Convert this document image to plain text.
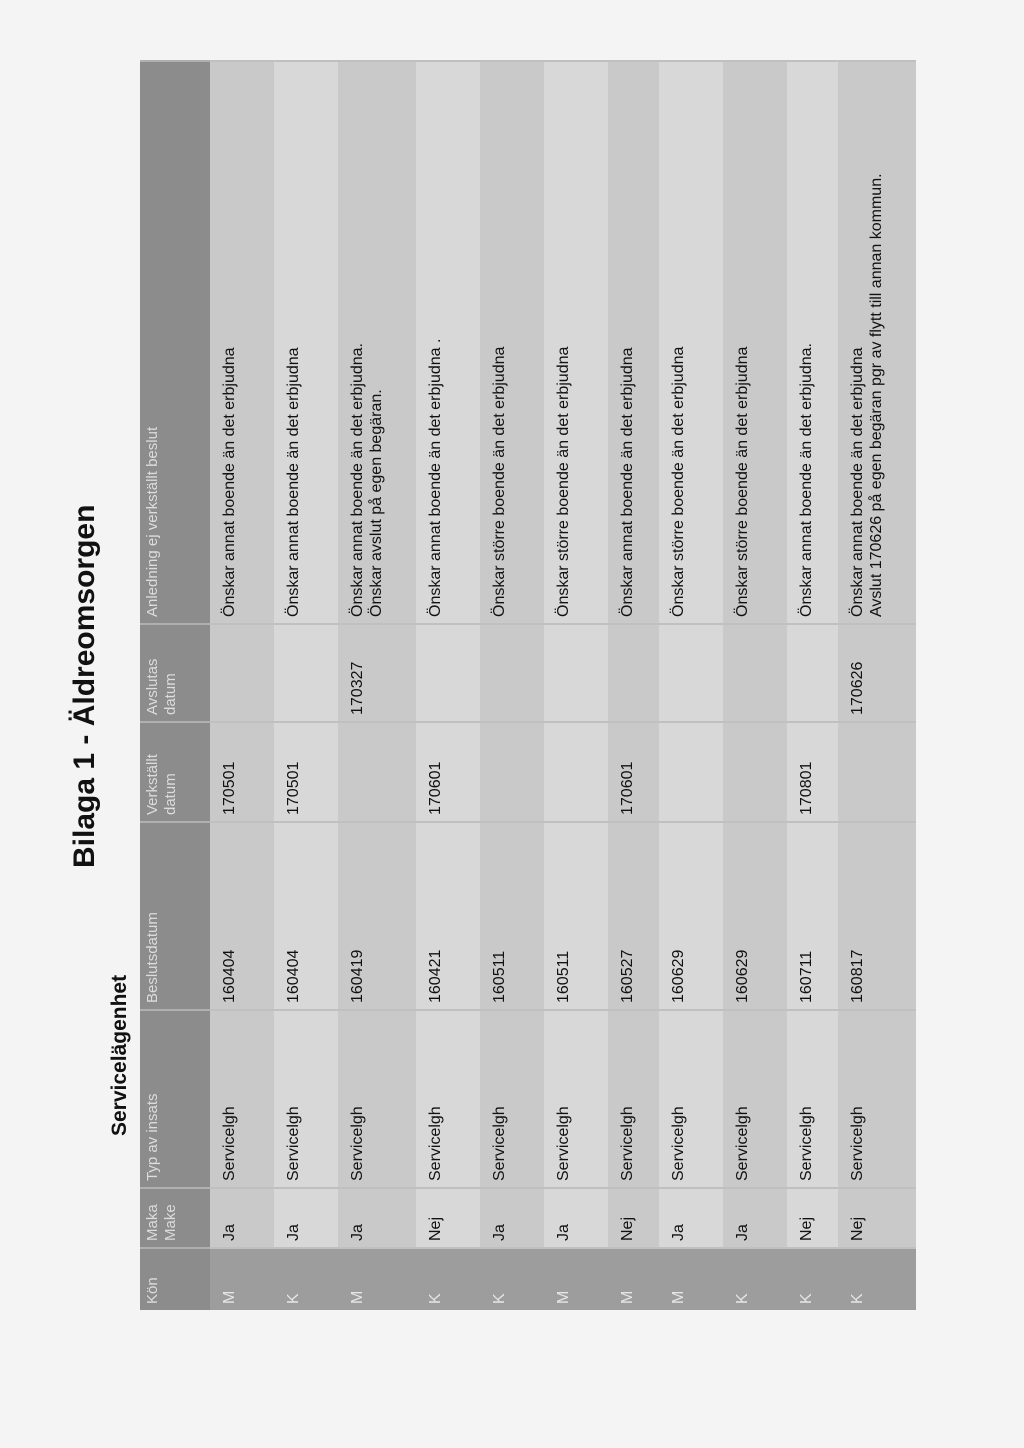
Bilaga 1 - Äldreomsorgen
Servicelägenhet
Kön	Maka
Make	Typ av insats	Beslutsdatum	Verkställt
datum	Avslutas
datum	Anledning ej verkställt beslut
M	Ja	Servicelgh	160404	170501		Önskar annat boende än det erbjudna

K	Ja	Servicelgh	160404	170501		Önskar annat boende än det erbjudna

M	Ja	Servicelgh	160419		170327	Önskar annat boende än det erbjudna. Önskar avslut på egen begäran.

K	Nej	Servicelgh	160421	170601		Önskar annat boende än det erbjudna .

K	Ja	Servicelgh	160511			Önskar större boende än det erbjudna

M	Ja	Servicelgh	160511			Önskar större boende än det erbjudna

M	Nej	Servicelgh	160527	170601		Önskar annat boende än det erbjudna

M	Ja	Servicelgh	160629			Önskar större boende än det erbjudna

K	Ja	Servicelgh	160629			Önskar större boende än det erbjudna

K	Nej	Servicelgh	160711	170801		Önskar annat boende än det erbjudna.

K	Nej	Servicelgh	160817		170626	Önskar annat boende än det erbjudna Avslut 170626 på egen begäran pgr av flytt till annan kommun.
